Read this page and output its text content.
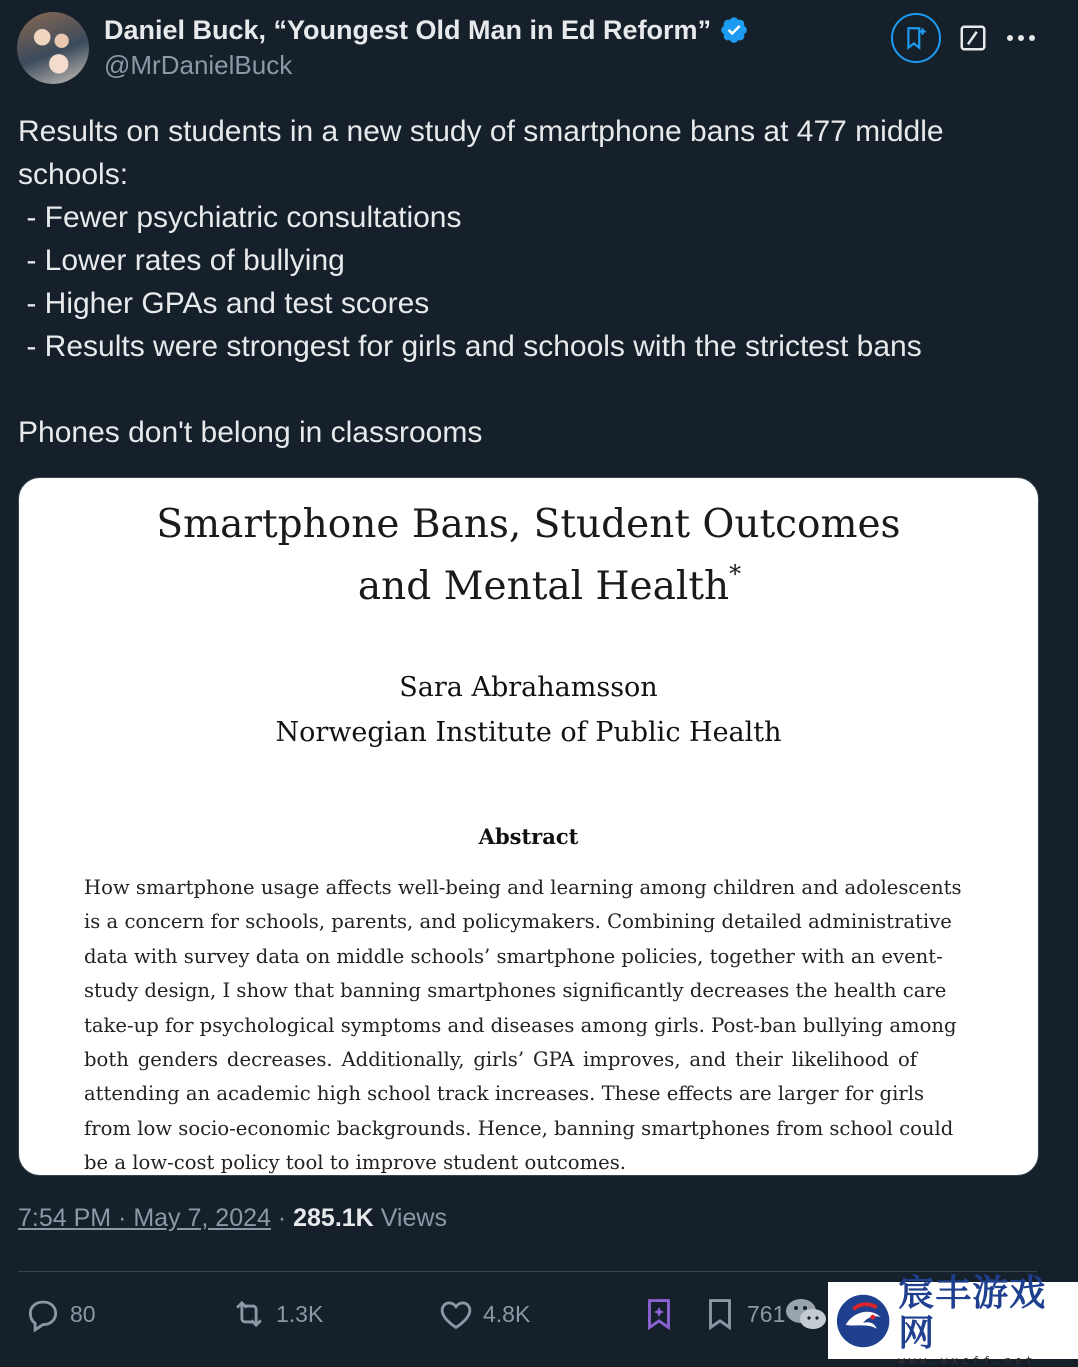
Daniel Buck, “Youngest Old Man in Ed Reform”
@MrDanielBuck
Results on students in a new study of smartphone bans at 477 middle
schools:
- Fewer psychiatric consultations
- Lower rates of bullying
- Higher GPAs and test scores
- Results were strongest for girls and schools with the strictest bans
Phones don't belong in classrooms
Smartphone Bans, Student Outcomes
and Mental Health*
Sara Abrahamsson
Norwegian Institute of Public Health
Abstract
How smartphone usage affects well-being and learning among children and adolescents
is a concern for schools, parents, and policymakers. Combining detailed administrative
data with survey data on middle schools’ smartphone policies, together with an event-
study design, I show that banning smartphones significantly decreases the health care
take-up for psychological symptoms and diseases among girls. Post-ban bullying among
both genders decreases. Additionally, girls’ GPA improves, and their likelihood of
attending an academic high school track increases. These effects are larger for girls
from low socio-economic backgrounds. Hence, banning smartphones from school could
be a low-cost policy tool to improve student outcomes.
7:54 PM · May 7, 2024 · 285.1K Views
80	1.3K	4.8K	761	宸丰游戏网
www.wxcff.net
